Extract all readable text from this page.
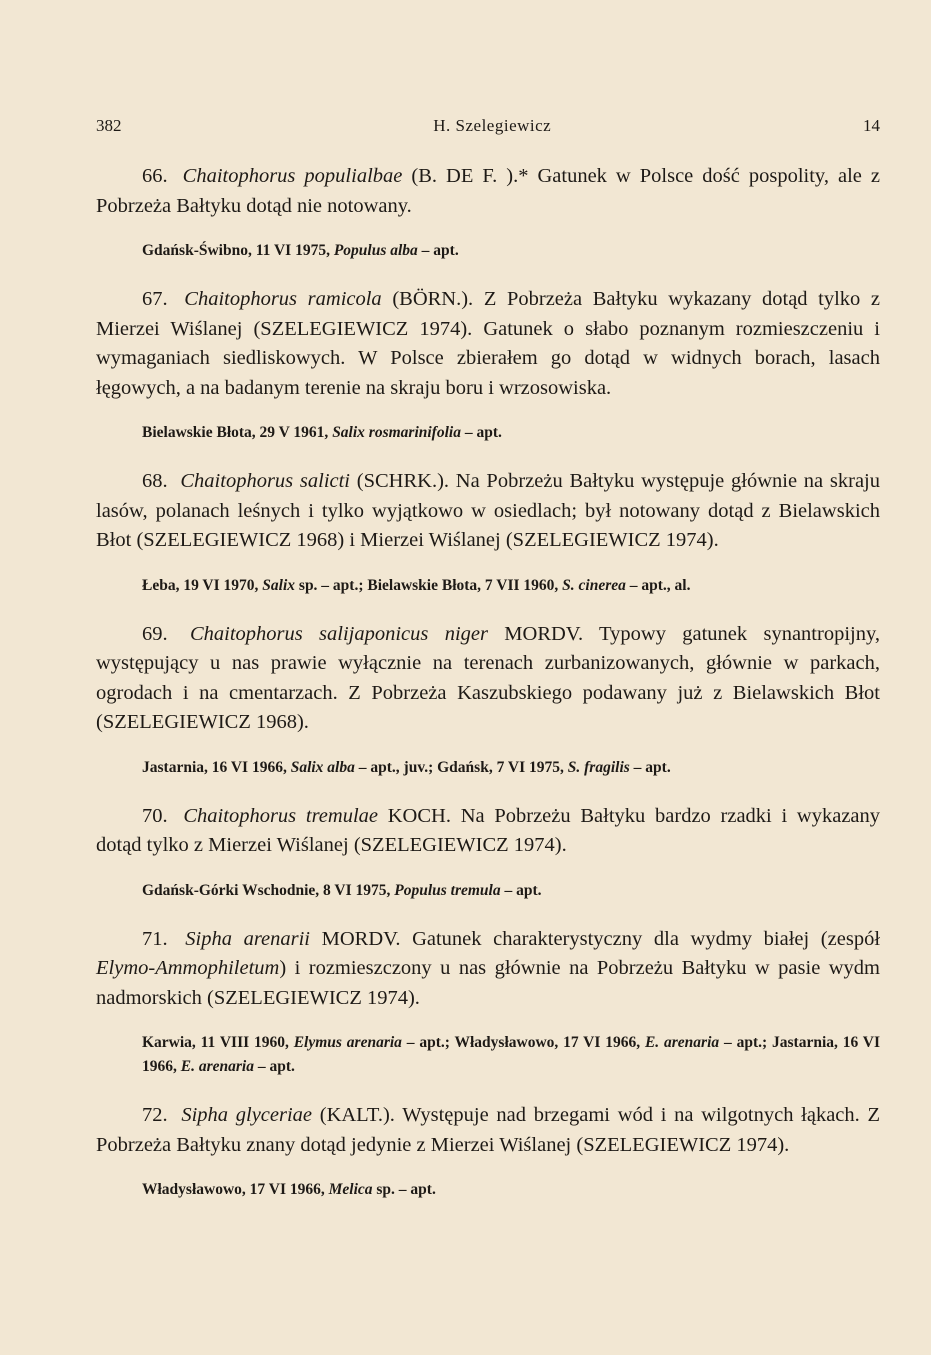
382	H. Szelegiewicz	14

66. Chaitophorus populialbae (B. DE F. ).* Gatunek w Polsce dość pospolity, ale z Pobrzeża Bałtyku dotąd nie notowany.

Gdańsk-Świbno, 11 VI 1975, Populus alba – apt.

67. Chaitophorus ramicola (BÖRN.). Z Pobrzeża Bałtyku wykazany dotąd tylko z Mierzei Wiślanej (SZELEGIEWICZ 1974). Gatunek o słabo poznanym rozmieszczeniu i wymaganiach siedliskowych. W Polsce zbierałem go dotąd w widnych borach, lasach łęgowych, a na badanym terenie na skraju boru i wrzosowiska.

Bielawskie Błota, 29 V 1961, Salix rosmarinifolia – apt.

68. Chaitophorus salicti (SCHRK.). Na Pobrzeżu Bałtyku występuje głównie na skraju lasów, polanach leśnych i tylko wyjątkowo w osiedlach; był notowany dotąd z Bielawskich Błot (SZELEGIEWICZ 1968) i Mierzei Wiślanej (SZELEGIEWICZ 1974).

Łeba, 19 VI 1970, Salix sp. – apt.; Bielawskie Błota, 7 VII 1960, S. cinerea – apt., al.

69. Chaitophorus salijaponicus niger MORDV. Typowy gatunek synantropijny, występujący u nas prawie wyłącznie na terenach zurbanizowanych, głównie w parkach, ogrodach i na cmentarzach. Z Pobrzeża Kaszubskiego podawany już z Bielawskich Błot (SZELEGIEWICZ 1968).

Jastarnia, 16 VI 1966, Salix alba – apt., juv.; Gdańsk, 7 VI 1975, S. fragilis – apt.

70. Chaitophorus tremulae KOCH. Na Pobrzeżu Bałtyku bardzo rzadki i wykazany dotąd tylko z Mierzei Wiślanej (SZELEGIEWICZ 1974).

Gdańsk-Górki Wschodnie, 8 VI 1975, Populus tremula – apt.

71. Sipha arenarii MORDV. Gatunek charakterystyczny dla wydmy białej (zespół Elymo-Ammophiletum) i rozmieszczony u nas głównie na Pobrzeżu Bałtyku w pasie wydm nadmorskich (SZELEGIEWICZ 1974).

Karwia, 11 VIII 1960, Elymus arenaria – apt.; Władysławowo, 17 VI 1966, E. arenaria – apt.; Jastarnia, 16 VI 1966, E. arenaria – apt.

72. Sipha glyceriae (KALT.). Występuje nad brzegami wód i na wilgotnych łąkach. Z Pobrzeża Bałtyku znany dotąd jedynie z Mierzei Wiślanej (SZELEGIEWICZ 1974).

Władysławowo, 17 VI 1966, Melica sp. – apt.
